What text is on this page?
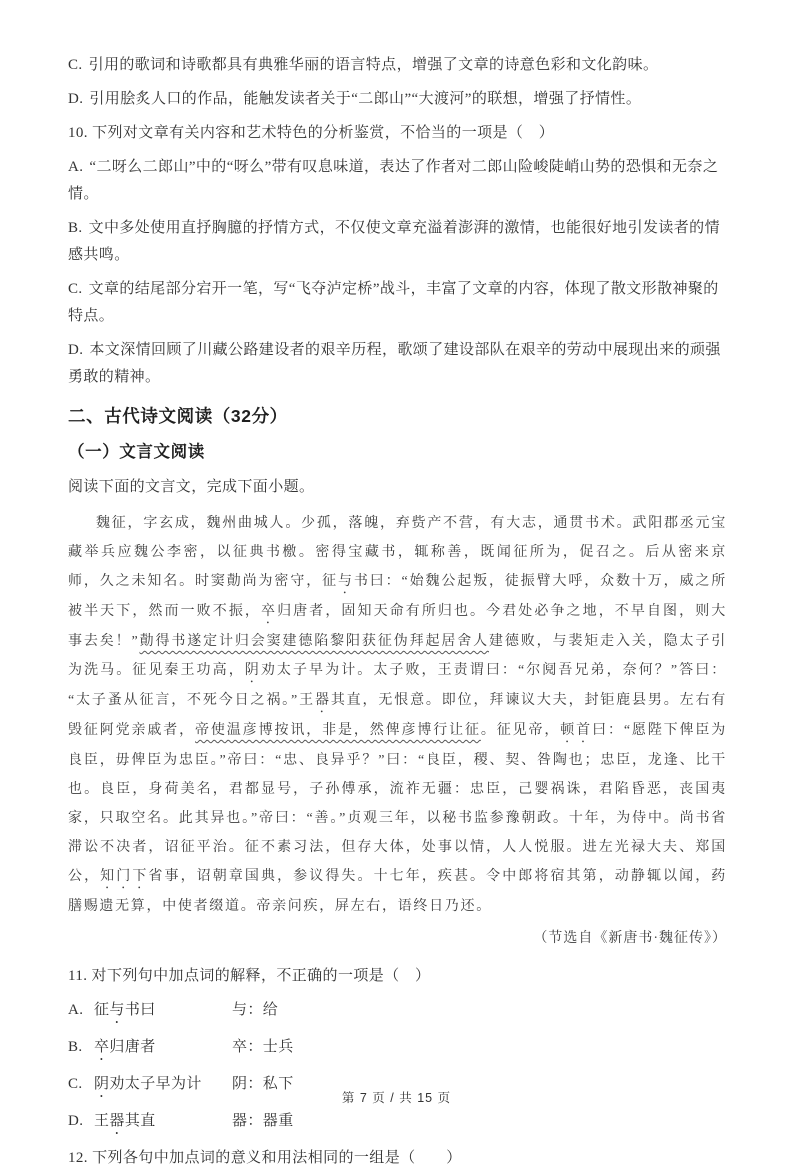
C. 引用的歌词和诗歌都具有典雅华丽的语言特点，增强了文章的诗意色彩和文化韵味。

D. 引用脍炙人口的作品，能触发读者关于“二郎山”“大渡河”的联想，增强了抒情性。

10. 下列对文章有关内容和艺术特色的分析鉴赏，不恰当的一项是（　）

A. “二呀么二郎山”中的“呀么”带有叹息味道，表达了作者对二郎山险峻陡峭山势的恐惧和无奈之情。

B. 文中多处使用直抒胸臆的抒情方式，不仅使文章充溢着澎湃的激情，也能很好地引发读者的情感共鸣。

C. 文章的结尾部分宕开一笔，写“飞夺泸定桥”战斗，丰富了文章的内容，体现了散文形散神聚的特点。

D. 本文深情回顾了川藏公路建设者的艰辛历程，歌颂了建设部队在艰辛的劳动中展现出来的顽强勇敢的精神。

二、古代诗文阅读（32分）
（一）文言文阅读

阅读下面的文言文，完成下面小题。

魏征，字玄成，魏州曲城人。少孤，落魄，弃赀产不营，有大志，通贯书术。武阳郡丞元宝藏举兵应魏公李密，以征典书檄。密得宝藏书，辄称善，既闻征所为，促召之。后从密来京师，久之未知名。时窦勣尚为密守，征与书曰：“始魏公起叛，徒振臂大呼，众数十万，威之所被半天下，然而一败不振，卒归唐者，固知天命有所归也。今君处必争之地，不早自图，则大事去矣！”勣得书遂定计归会窦建德陷黎阳获征伪拜起居舍人建德败，与裴矩走入关，隐太子引为洗马。征见秦王功高，阴劝太子早为计。太子败，王责谓曰：“尔阋吾兄弟，奈何？”答曰：“太子蚤从征言，不死今日之祸。”王器其直，无恨意。即位，拜谏议大夫，封钜鹿县男。左右有毁征阿党亲戚者，帝使温彦博按讯，非是，然俾彦博行让征。征见帝，顿首曰：“愿陛下俾臣为良臣，毋俾臣为忠臣。”帝曰：“忠、良异乎？”曰：“良臣，稷、契、咎陶也；忠臣，龙逢、比干也。良臣，身荷美名，君都显号，子孙傅承，流祚无疆：忠臣，己婴祸诛，君陷昏恶，丧国夷家，只取空名。此其异也。”帝曰：“善。”贞观三年，以秘书监参豫朝政。十年，为侍中。尚书省滞讼不决者，诏征平治。征不素习法，但存大体，处事以情，人人悦服。进左光禄大夫、郑国公，知门下省事，诏朝章国典，参议得失。十七年，疾甚。令中郎将宿其第，动静辄以闻，药膳赐遗无算，中使者缀道。帝亲问疾，屏左右，语终日乃还。

（节选自《新唐书·魏征传》）

11. 对下列句中加点词的解释，不正确的一项是（　）

A. 征与书曰	与：给
B. 卒归唐者	卒：士兵
C. 阴劝太子早为计	阴：私下
D. 王器其直	器：器重

12. 下列各句中加点词的意义和用法相同的一组是（　　）

第 7 页 / 共 15 页
